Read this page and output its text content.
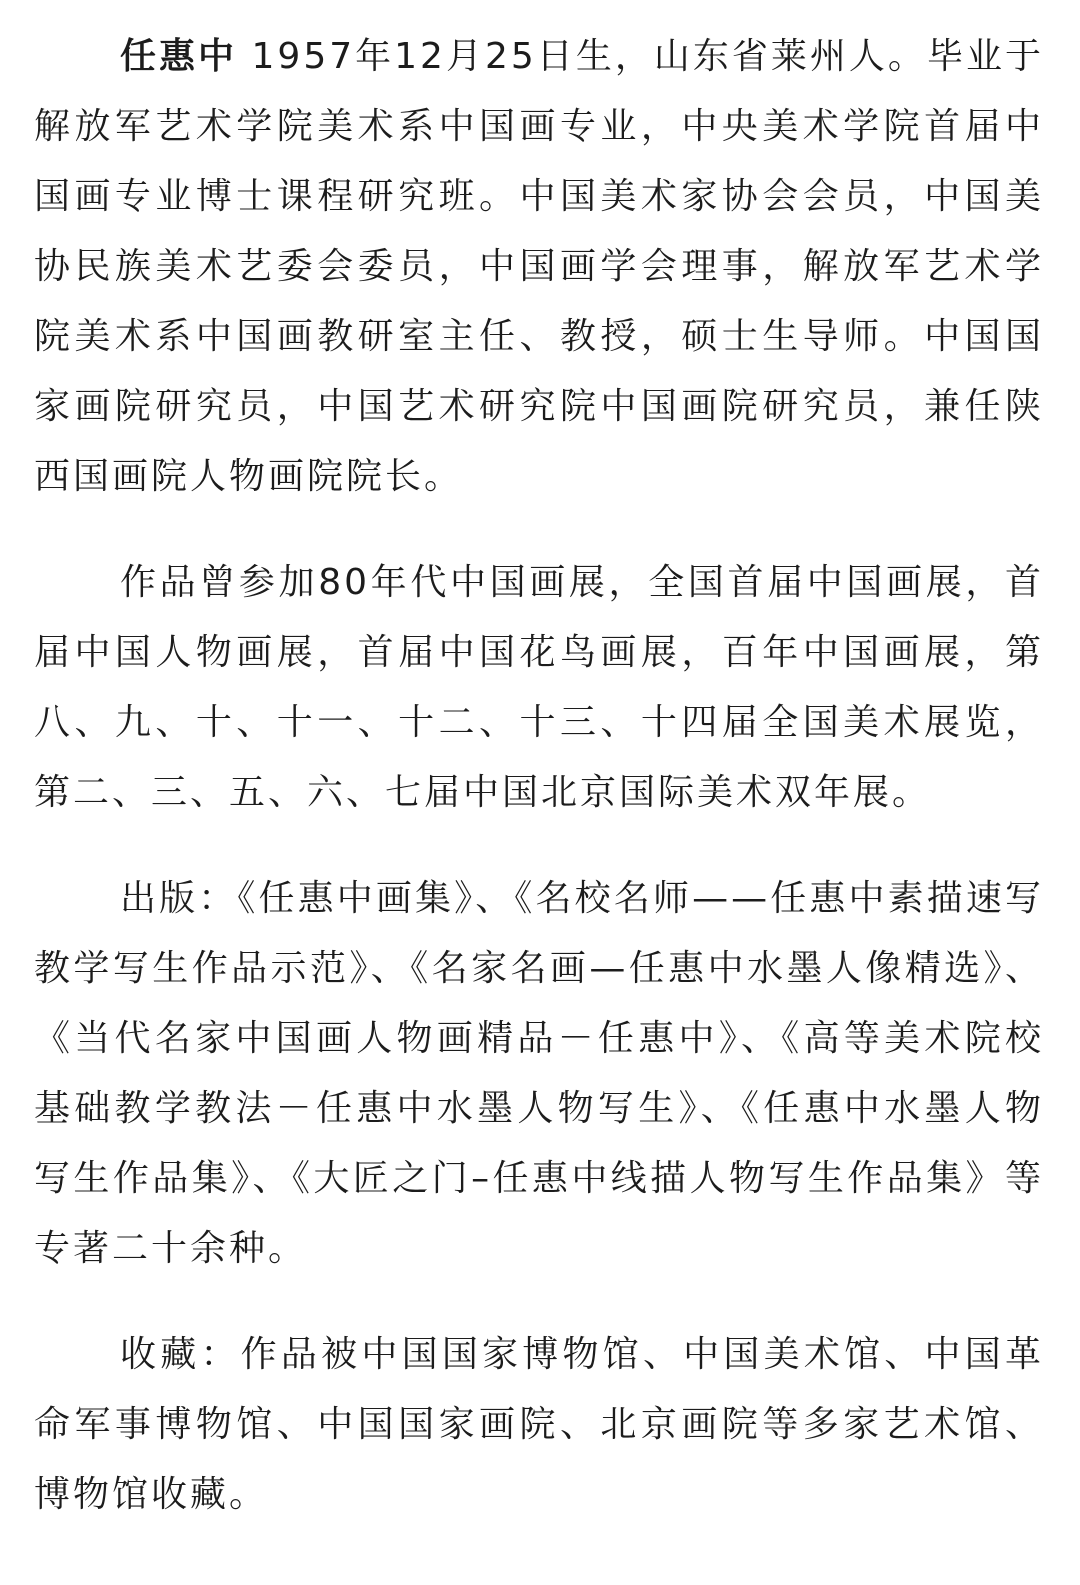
任惠中 1957年12月25日生，山东省莱州人。毕业于解放军艺术学院美术系中国画专业，中央美术学院首届中国画专业博士课程研究班。中国美术家协会会员，中国美协民族美术艺委会委员，中国画学会理事，解放军艺术学院美术系中国画教研室主任、教授，硕士生导师。中国国家画院研究员，中国艺术研究院中国画院研究员，兼任陕西国画院人物画院院长。

作品曾参加80年代中国画展，全国首届中国画展，首届中国人物画展，首届中国花鸟画展，百年中国画展，第八、九、十、十一、十二、十三、十四届全国美术展览，第二、三、五、六、七届中国北京国际美术双年展。

出版：《任惠中画集》、《名校名师——任惠中素描速写教学写生作品示范》、《名家名画—任惠中水墨人像精选》、《当代名家中国画人物画精品－任惠中》、《高等美术院校基础教学教法－任惠中水墨人物写生》、《任惠中水墨人物写生作品集》、《大匠之门–任惠中线描人物写生作品集》等专著二十余种。

收藏：作品被中国国家博物馆、中国美术馆、中国革命军事博物馆、中国国家画院、北京画院等多家艺术馆、博物馆收藏。
